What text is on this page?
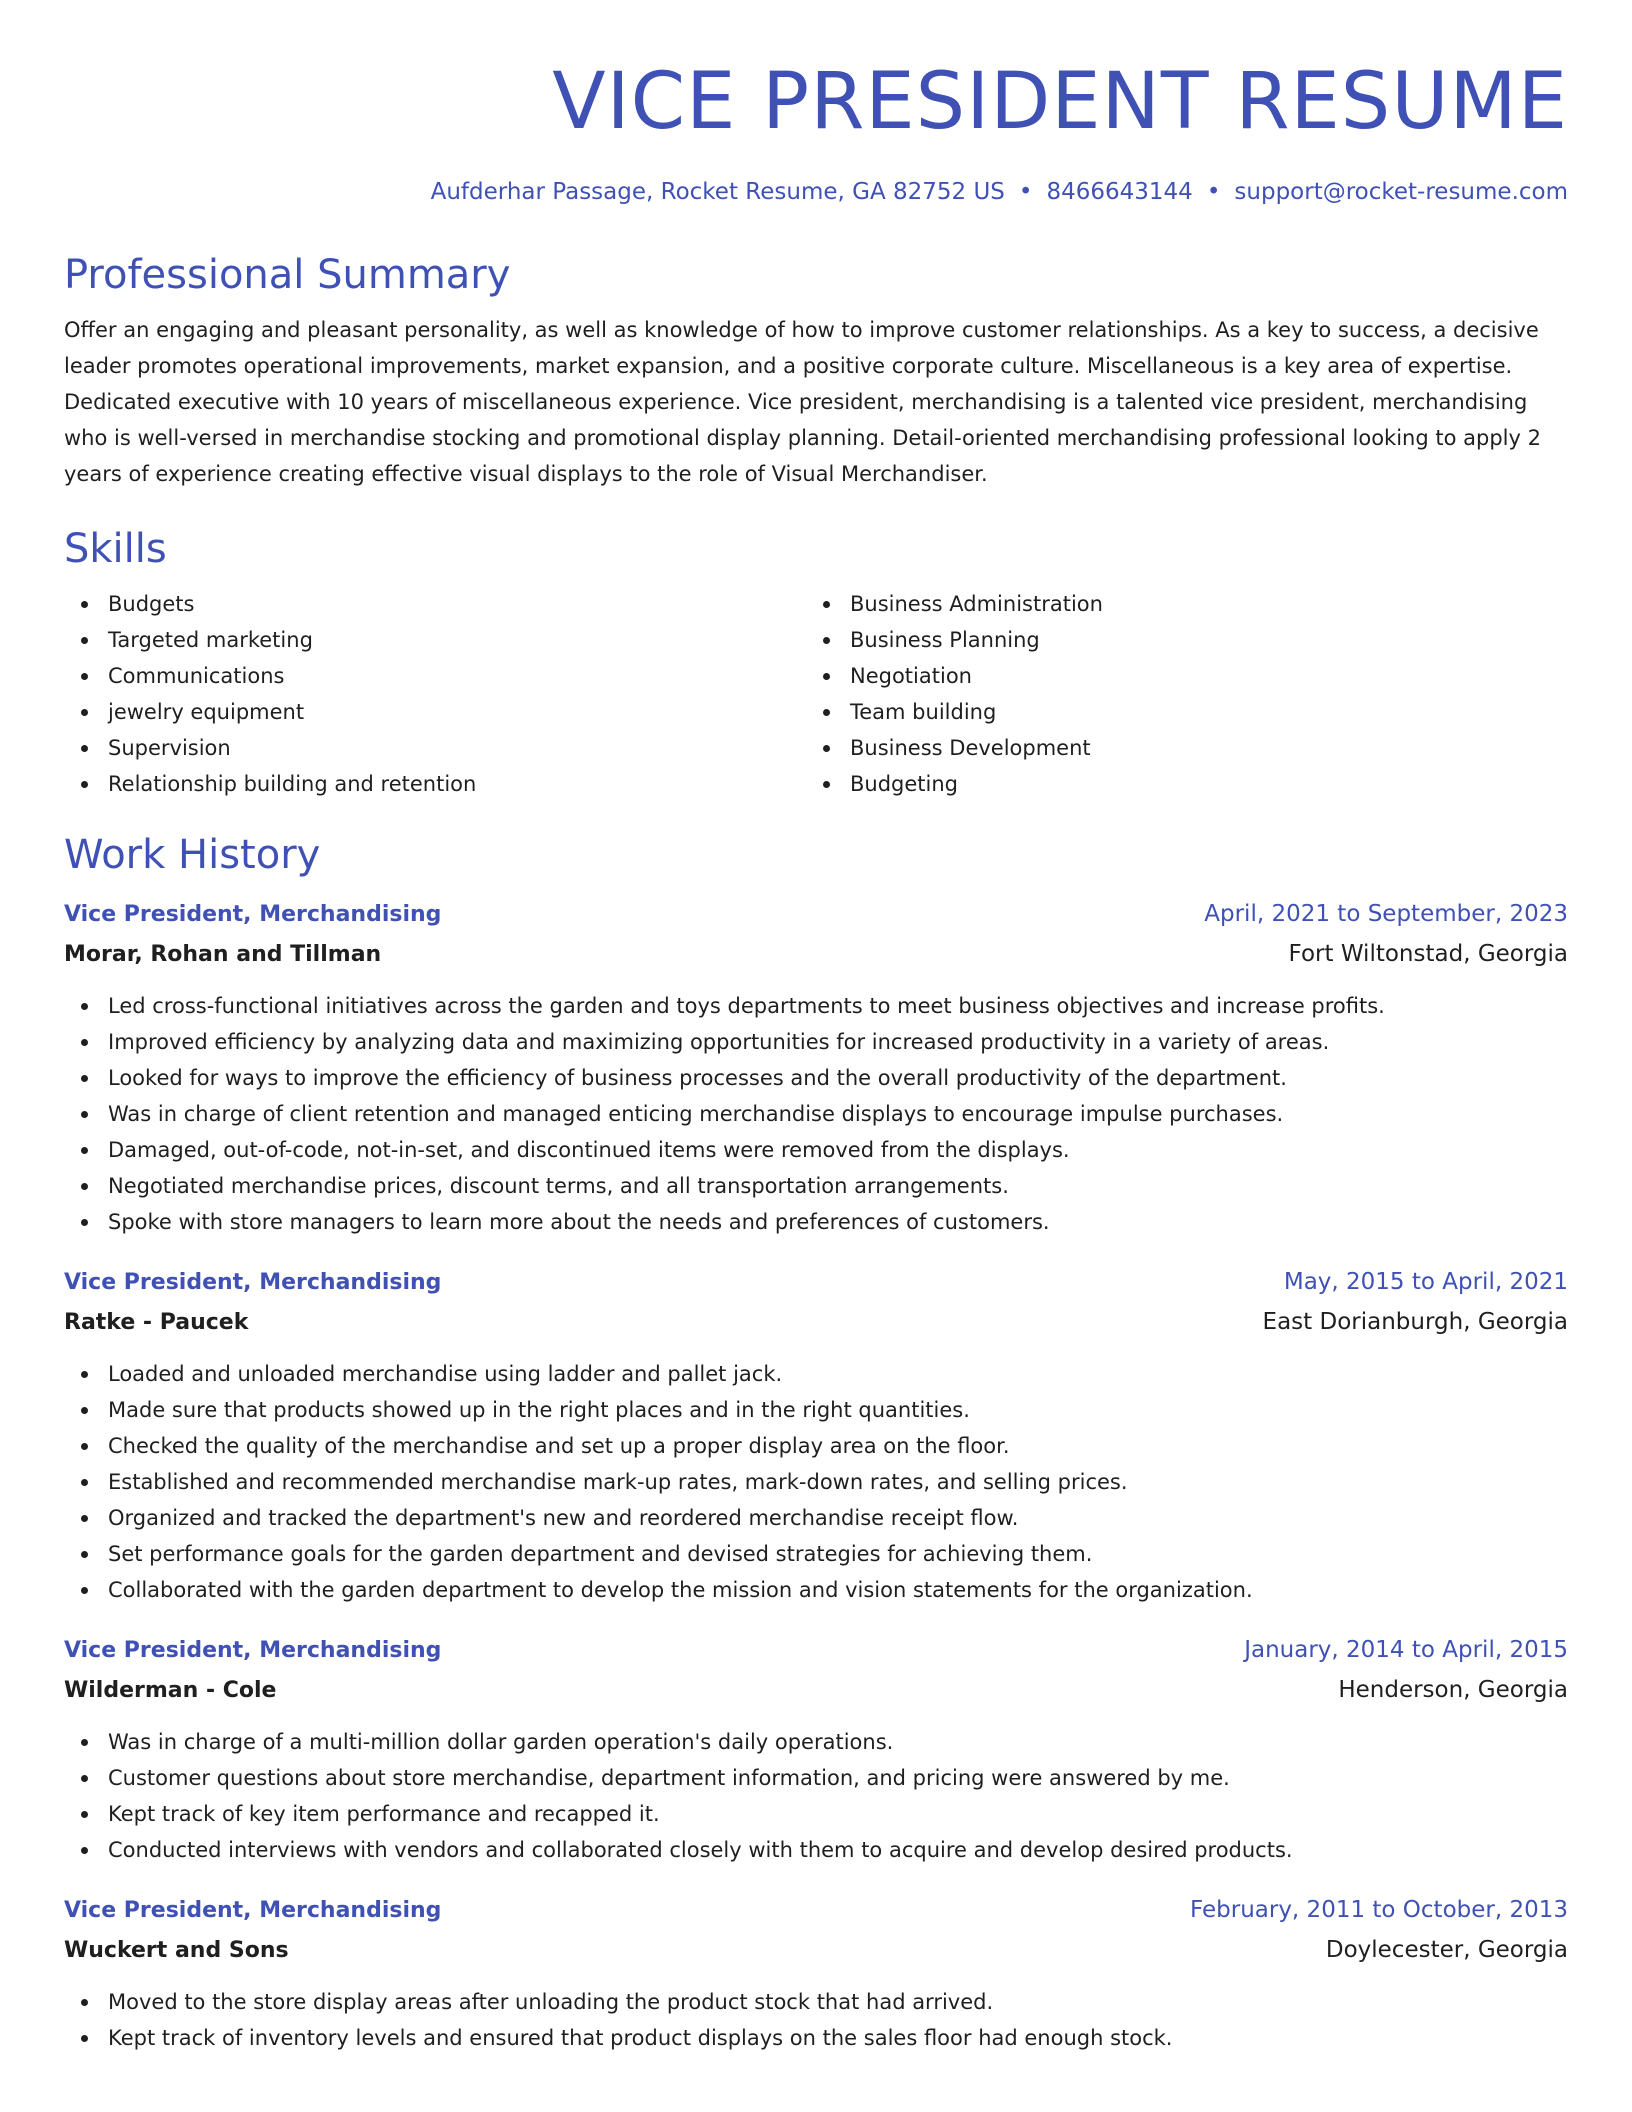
VICE PRESIDENT RESUME
Aufderhar Passage, Rocket Resume, GA 82752 US • 8466643144 • support@rocket-resume.com
Professional Summary
Offer an engaging and pleasant personality, as well as knowledge of how to improve customer relationships. As a key to success, a decisive leader promotes operational improvements, market expansion, and a positive corporate culture. Miscellaneous is a key area of expertise. Dedicated executive with 10 years of miscellaneous experience. Vice president, merchandising is a talented vice president, merchandising who is well-versed in merchandise stocking and promotional display planning. Detail-oriented merchandising professional looking to apply 2 years of experience creating effective visual displays to the role of Visual Merchandiser.
Skills
Budgets
Targeted marketing
Communications
jewelry equipment
Supervision
Relationship building and retention
Business Administration
Business Planning
Negotiation
Team building
Business Development
Budgeting
Work History
Vice President, Merchandising	April, 2021 to September, 2023
Morar, Rohan and Tillman	Fort Wiltonstad, Georgia
Led cross-functional initiatives across the garden and toys departments to meet business objectives and increase profits.
Improved efficiency by analyzing data and maximizing opportunities for increased productivity in a variety of areas.
Looked for ways to improve the efficiency of business processes and the overall productivity of the department.
Was in charge of client retention and managed enticing merchandise displays to encourage impulse purchases.
Damaged, out-of-code, not-in-set, and discontinued items were removed from the displays.
Negotiated merchandise prices, discount terms, and all transportation arrangements.
Spoke with store managers to learn more about the needs and preferences of customers.
Vice President, Merchandising	May, 2015 to April, 2021
Ratke - Paucek	East Dorianburgh, Georgia
Loaded and unloaded merchandise using ladder and pallet jack.
Made sure that products showed up in the right places and in the right quantities.
Checked the quality of the merchandise and set up a proper display area on the floor.
Established and recommended merchandise mark-up rates, mark-down rates, and selling prices.
Organized and tracked the department's new and reordered merchandise receipt flow.
Set performance goals for the garden department and devised strategies for achieving them.
Collaborated with the garden department to develop the mission and vision statements for the organization.
Vice President, Merchandising	January, 2014 to April, 2015
Wilderman - Cole	Henderson, Georgia
Was in charge of a multi-million dollar garden operation's daily operations.
Customer questions about store merchandise, department information, and pricing were answered by me.
Kept track of key item performance and recapped it.
Conducted interviews with vendors and collaborated closely with them to acquire and develop desired products.
Vice President, Merchandising	February, 2011 to October, 2013
Wuckert and Sons	Doylecester, Georgia
Moved to the store display areas after unloading the product stock that had arrived.
Kept track of inventory levels and ensured that product displays on the sales floor had enough stock.
